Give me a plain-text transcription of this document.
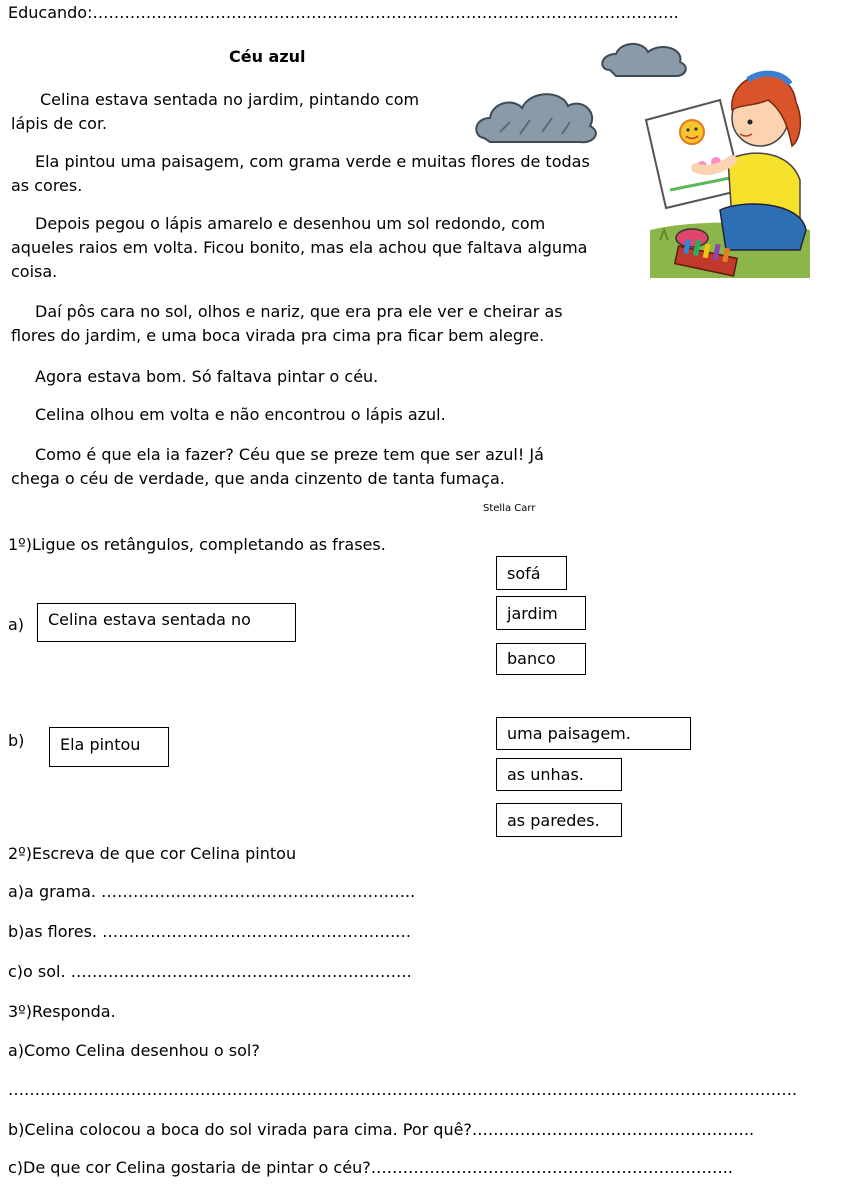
Educando:………………………………………………………………………………………………..
Céu azul
Celina estava sentada no jardim, pintando com
lápis de cor.
Ela pintou uma paisagem, com grama verde e muitas flores de todas
as cores.
Depois pegou o lápis amarelo e desenhou um sol redondo, com
aqueles raios em volta. Ficou bonito, mas ela achou que faltava alguma
coisa.
Daí pôs cara no sol, olhos e nariz, que era pra ele ver e cheirar as
flores do jardim, e uma boca virada pra cima pra ficar bem alegre.
Agora estava bom. Só faltava pintar o céu.
Celina olhou em volta e não encontrou o lápis azul.
Como é que ela ia fazer? Céu que se preze tem que ser azul! Já
chega o céu de verdade, que anda cinzento de tanta fumaça.
Stella Carr
1º)Ligue os retângulos, completando as frases.
a)	Celina estava sentada no
sofá
jardim
banco
b)	Ela pintou
uma paisagem.
as unhas.
as paredes.
2º)Escreva de que cor Celina pintou
a)a grama. …………………………………………………..
b)as flores. ……………………………………………….…
c)o sol. ……………………………………………………….
3º)Responda.
a)Como Celina desenhou o sol?
………………………………………………………………………………………………………………………………….
b)Celina colocou a boca do sol virada para cima. Por quê?……………………………………………..
c)De que cor Celina gostaria de pintar o céu?…………………………………………………………..
